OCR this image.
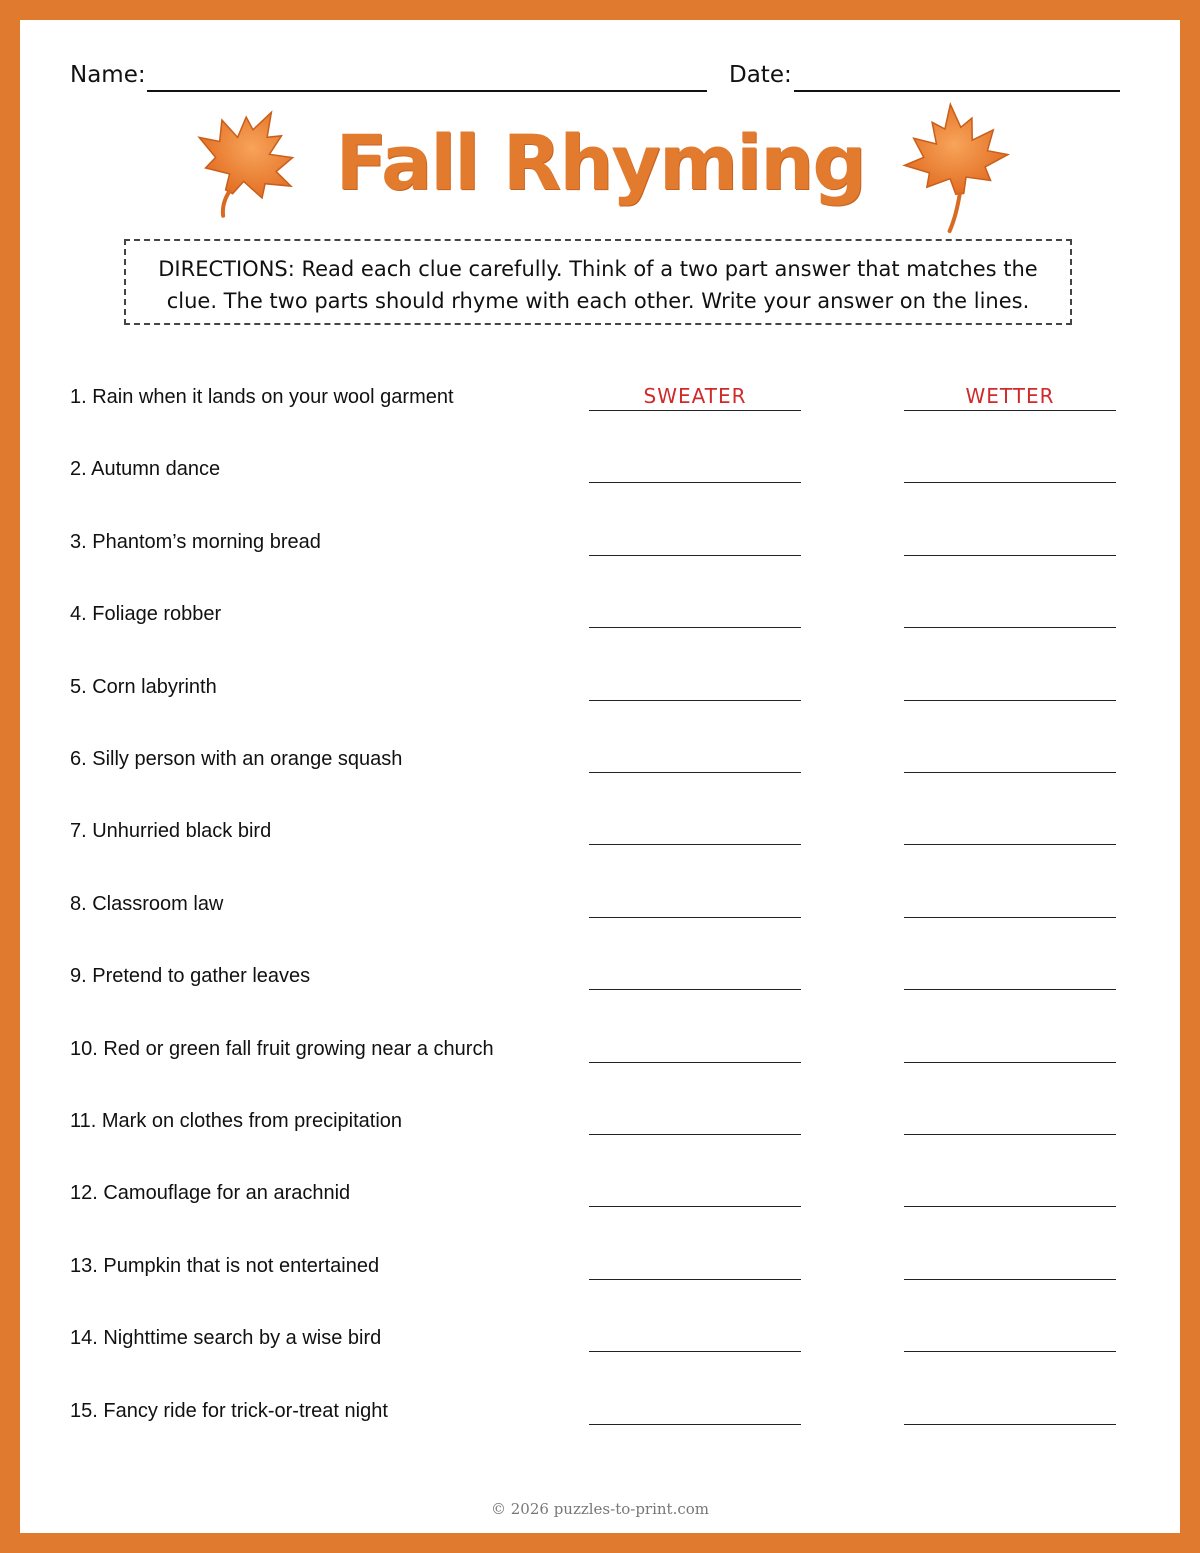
Name:	Date:
Fall Rhyming
DIRECTIONS: Read each clue carefully. Think of a two part answer that matches the clue. The two parts should rhyme with each other. Write your answer on the lines.
1. Rain when it lands on your wool garment	SWEATER	WETTER
2. Autumn dance
3. Phantom’s morning bread
4. Foliage robber
5. Corn labyrinth
6. Silly person with an orange squash
7. Unhurried black bird
8. Classroom law
9. Pretend to gather leaves
10. Red or green fall fruit growing near a church
11. Mark on clothes from precipitation
12. Camouflage for an arachnid
13. Pumpkin that is not entertained
14. Nighttime search by a wise bird
15. Fancy ride for trick-or-treat night
© 2026 puzzles-to-print.com
